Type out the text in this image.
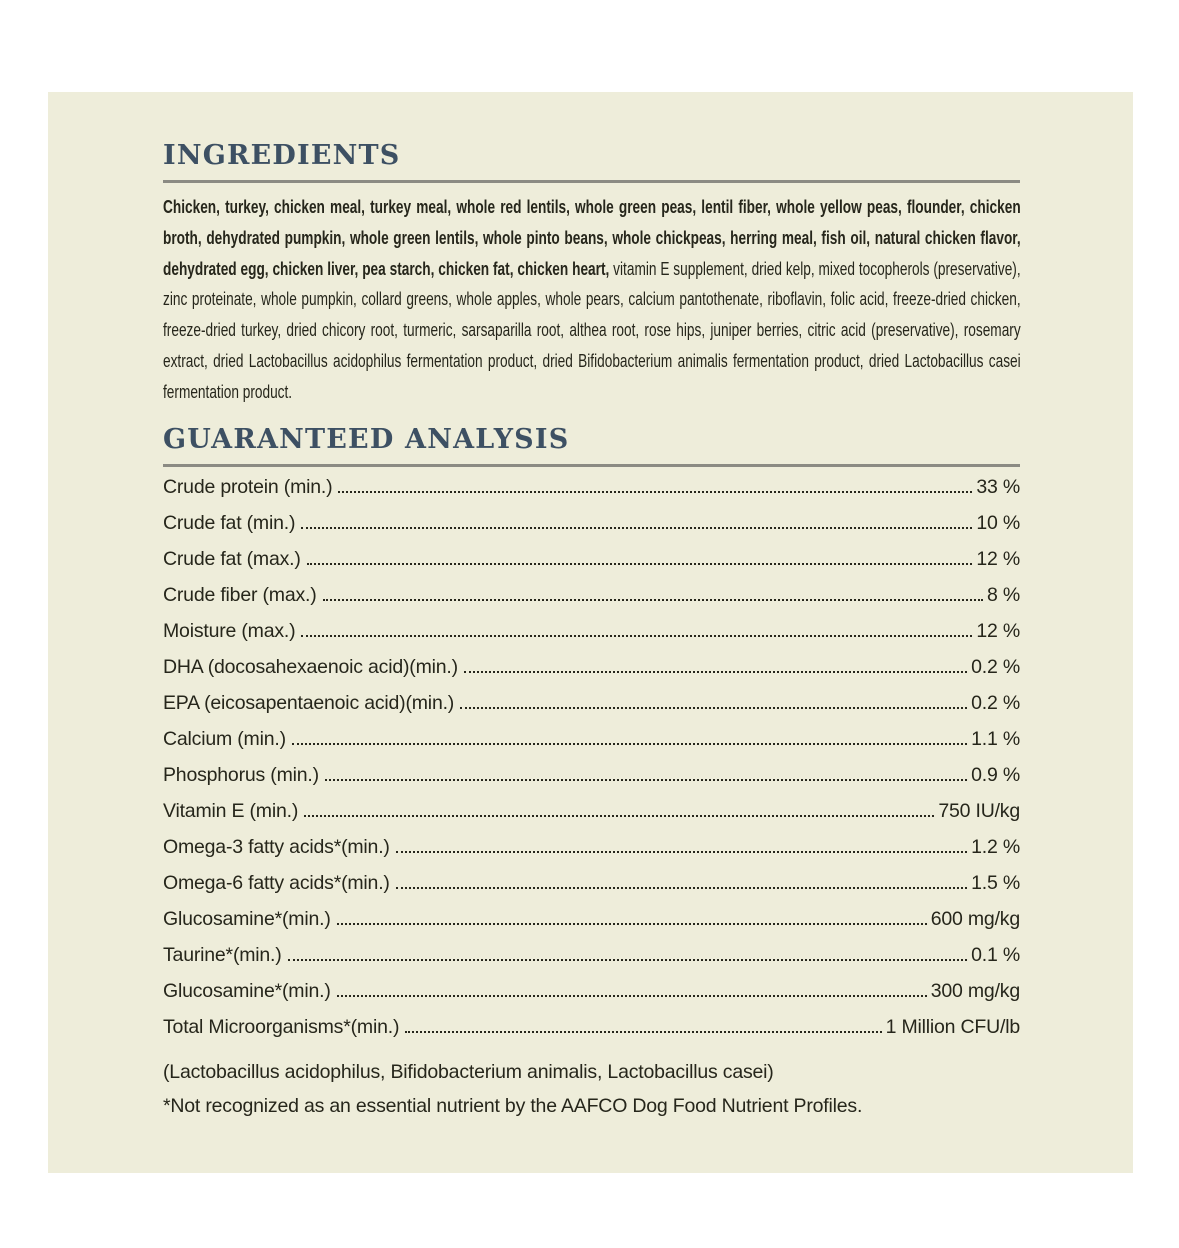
INGREDIENTS

Chicken, turkey, chicken meal, turkey meal, whole red lentils, whole green peas, lentil fiber, whole yellow peas, flounder, chicken broth, dehydrated pumpkin, whole green lentils, whole pinto beans, whole chickpeas, herring meal, fish oil, natural chicken flavor, dehydrated egg, chicken liver, pea starch, chicken fat, chicken heart, vitamin E supplement, dried kelp, mixed tocopherols (preservative), zinc proteinate, whole pumpkin, collard greens, whole apples, whole pears, calcium pantothenate, riboflavin, folic acid, freeze-dried chicken, freeze-dried turkey, dried chicory root, turmeric, sarsaparilla root, althea root, rose hips, juniper berries, citric acid (preservative), rosemary extract, dried Lactobacillus acidophilus fermentation product, dried Bifidobacterium animalis fermentation product, dried Lactobacillus casei fermentation product.

GUARANTEED ANALYSIS
Crude protein (min.)	33 %
Crude fat (min.)	10 %
Crude fat (max.)	12 %
Crude fiber (max.)	8 %
Moisture (max.)	12 %
DHA (docosahexaenoic acid)(min.)	0.2 %
EPA (eicosapentaenoic acid)(min.)	0.2 %
Calcium (min.)	1.1 %
Phosphorus (min.)	0.9 %
Vitamin E (min.)	750 IU/kg
Omega-3 fatty acids*(min.)	1.2 %
Omega-6 fatty acids*(min.)	1.5 %
Glucosamine*(min.)	600 mg/kg
Taurine*(min.)	0.1 %
Glucosamine*(min.)	300 mg/kg
Total Microorganisms*(min.)	1 Million CFU/lb

(Lactobacillus acidophilus, Bifidobacterium animalis, Lactobacillus casei)

*Not recognized as an essential nutrient by the AAFCO Dog Food Nutrient Profiles.
